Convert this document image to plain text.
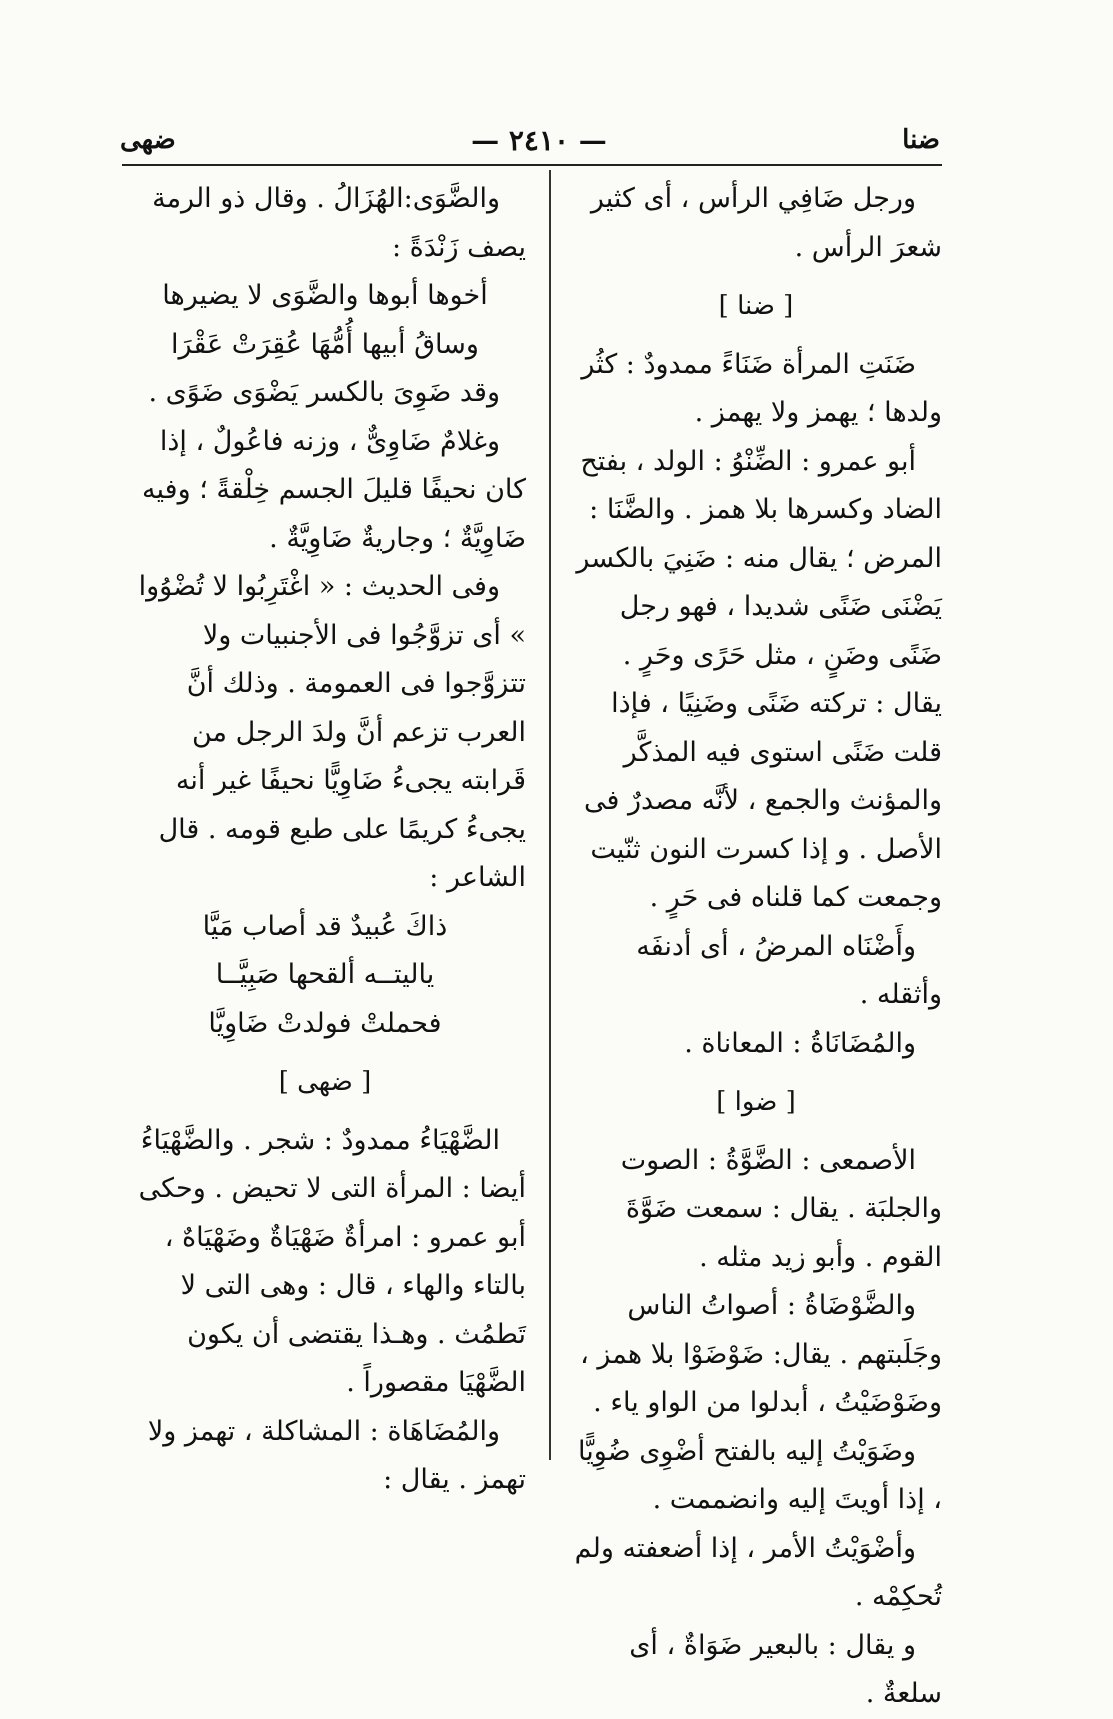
ضنا
— ٢٤١٠ —
ضهى

ورجل ضَافِي الرأس ، أى كثير شعرَ الرأس .

[ ضنا ]

ضَنَتِ المرأة ضَنَاءً ممدودٌ : كثُر ولدها ؛ يهمز ولا يهمز .

أبو عمرو : الضِّنْوُ : الولد ، بفتح الضاد وكسرها بلا همز . والضَّنَا : المرض ؛ يقال منه : ضَنِيَ بالكسر يَضْنَى ضَنًى شديدا ، فهو رجل ضَنًى وضَنٍ ، مثل حَرًى وحَرٍ . يقال : تركته ضَنًى وضَنِيًا ، فإذا قلت ضَنًى استوى فيه المذكَّر والمؤنث والجمع ، لأنَّه مصدرٌ فى الأصل . و إذا كسرت النون ثنّيت وجمعت كما قلناه فى حَرٍ .

وأَضْنَاه المرضُ ، أى أدنفَه وأثقله .

والمُضَانَاةُ : المعاناة .

[ ضوا ]

الأصمعى : الضَّوَّةُ : الصوت والجلبَة . يقال : سمعت ضَوَّةَ القوم . وأبو زيد مثله .

والضَّوْضَاةُ : أصواتُ الناس وجَلَبتهم . يقال: ضَوْضَوْا بلا همز ، وضَوْضَيْتُ ، أبدلوا من الواو ياء .

وضَوَيْتُ إليه بالفتح أضْوِى ضُوِيًّا ، إذا أويتَ إليه وانضممت .

وأضْوَيْتُ الأمر ، إذا أضعفته ولم تُحكِمْه .

و يقال : بالبعير ضَوَاةٌ ، أى سلعةٌ .

والضَّوَى:الهُزَالُ . وقال ذو الرمة يصف زَنْدَةً :

أخوها أبوها والضَّوَى لا يضيرها

وساقُ أبيها أُمُّهَا عُقِرَتْ عَقْرَا

وقد ضَوِىَ بالكسر يَضْوَى ضَوًى .

وغلامٌ ضَاوِىٌّ ، وزنه فاعُولٌ ، إذا كان نحيفًا قليلَ الجسم خِلْقةً ؛ وفيه ضَاوِيَّةٌ ؛ وجاريةٌ ضَاوِيَّةٌ .

وفى الحديث : « اغْتَرِبُوا لا تُضْوُوا » أى تزوَّجُوا فى الأجنبيات ولا تتزوَّجوا فى العمومة . وذلك أنَّ العرب تزعم أنَّ ولدَ الرجل من قَرابته يجىءُ ضَاوِيًّا نحيفًا غير أنه يجىءُ كريمًا على طبع قومه . قال الشاعر :

ذاكَ عُبيدٌ قد أصاب مَيَّا

ياليتــه ألقحها صَبِيَّــا

فحملتْ فولدتْ ضَاوِيَّا

[ ضهى ]

الضَّهْيَاءُ ممدودٌ : شجر . والضَّهْيَاءُ أيضا : المرأة التى لا تحيض . وحكى أبو عمرو : امرأةٌ ضَهْيَاةٌ وضَهْيَاهٌ ، بالتاء والهاء ، قال : وهى التى لا تَطمُث . وهـذا يقتضى أن يكون الضَّهْيَا مقصوراً .

والمُضَاهَاة : المشاكلة ، تهمز ولا تهمز . يقال :
